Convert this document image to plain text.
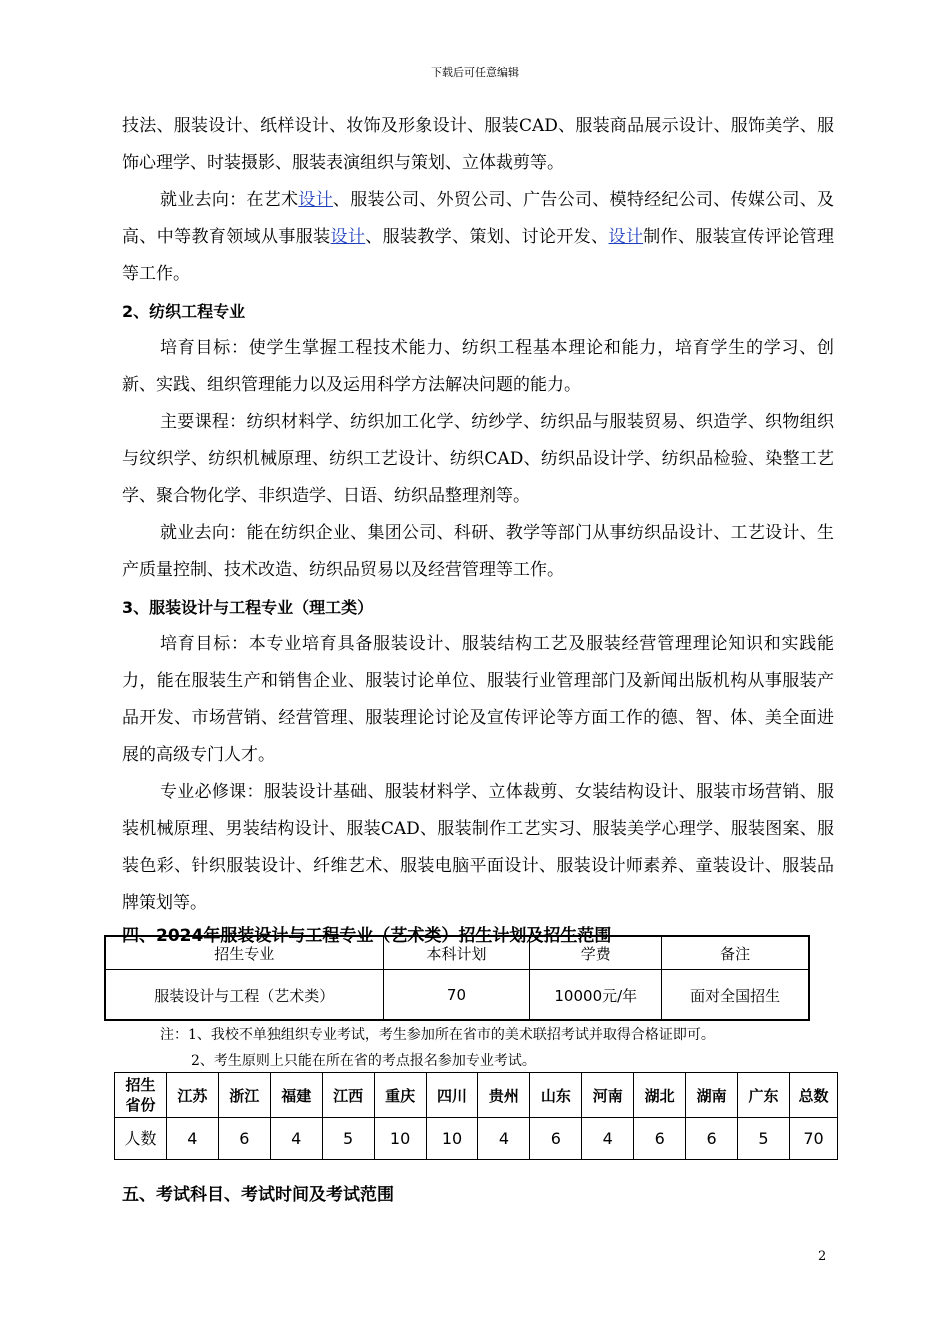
下载后可任意编辑

技法、服装设计、纸样设计、妆饰及形象设计、服装CAD、服装商品展示设计、服饰美学、服饰心理学、时装摄影、服装表演组织与策划、立体裁剪等。

就业去向：在艺术设计、服装公司、外贸公司、广告公司、模特经纪公司、传媒公司、及高、中等教育领域从事服装设计、服装教学、策划、讨论开发、设计制作、服装宣传评论管理等工作。

2、纺织工程专业

培育目标：使学生掌握工程技术能力、纺织工程基本理论和能力，培育学生的学习、创新、实践、组织管理能力以及运用科学方法解决问题的能力。

主要课程：纺织材料学、纺织加工化学、纺纱学、纺织品与服装贸易、织造学、织物组织与纹织学、纺织机械原理、纺织工艺设计、纺织CAD、纺织品设计学、纺织品检验、染整工艺学、聚合物化学、非织造学、日语、纺织品整理剂等。

就业去向：能在纺织企业、集团公司、科研、教学等部门从事纺织品设计、工艺设计、生产质量控制、技术改造、纺织品贸易以及经营管理等工作。

3、服装设计与工程专业（理工类）

培育目标：本专业培育具备服装设计、服装结构工艺及服装经营管理理论知识和实践能力，能在服装生产和销售企业、服装讨论单位、服装行业管理部门及新闻出版机构从事服装产品开发、市场营销、经营管理、服装理论讨论及宣传评论等方面工作的德、智、体、美全面进展的高级专门人才。

专业必修课：服装设计基础、服装材料学、立体裁剪、女装结构设计、服装市场营销、服装机械原理、男装结构设计、服装CAD、服装制作工艺实习、服装美学心理学、服装图案、服装色彩、针织服装设计、纤维艺术、服装电脑平面设计、服装设计师素养、童装设计、服装品牌策划等。

四、2024年服装设计与工程专业（艺术类）招生计划及招生范围

招生专业	本科计划	学费	备注
服装设计与工程（艺术类）	70	10000元/年	面对全国招生
注：1、我校不单独组织专业考试，考生参加所在省市的美术联招考试并取得合格证即可。
2、考生原则上只能在所在省的考点报名参加专业考试。
招生
省份	江苏	浙江	福建	江西	重庆	四川	贵州	山东	河南	湖北	湖南	广东	总数
人数	4	6	4	5	10	10	4	6	4	6	6	5	70
五、考试科目、考试时间及考试范围
2
